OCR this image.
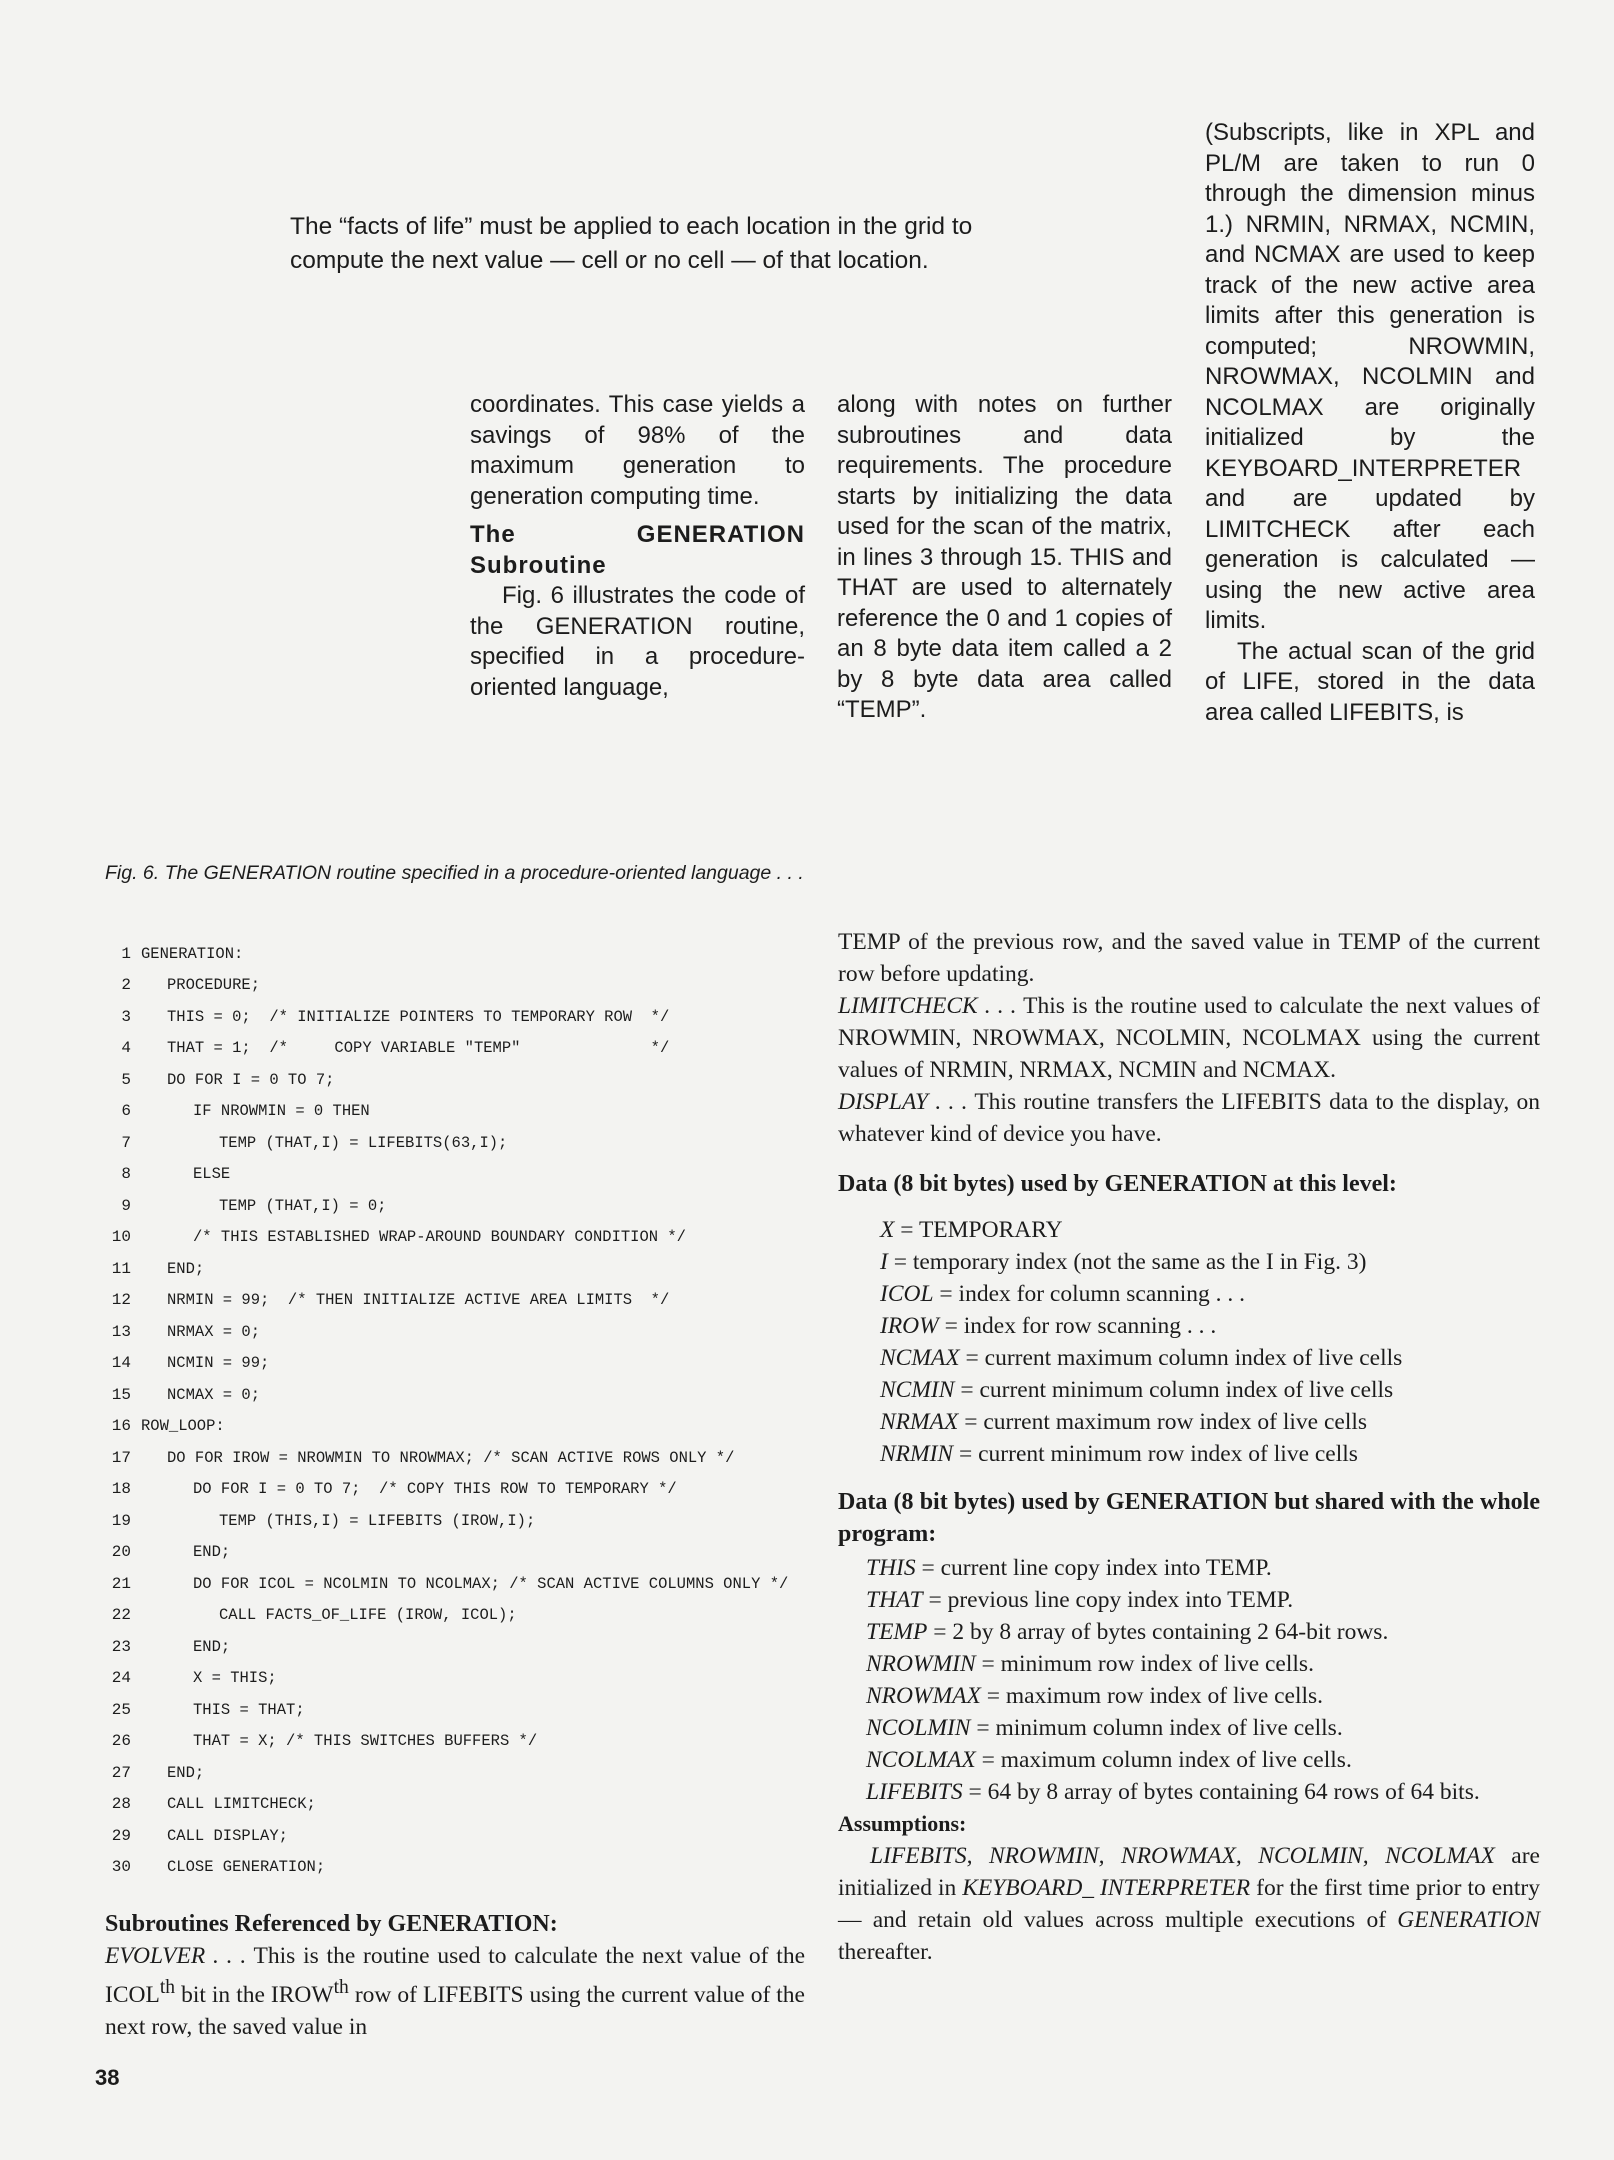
The “facts of life” must be applied to each location in the grid to compute the next value — cell or no cell — of that location.

(Subscripts, like in XPL and PL/M are taken to run 0 through the dimension minus 1.) NRMIN, NRMAX, NCMIN, and NCMAX are used to keep track of the new active area limits after this generation is computed; NROWMIN, NROWMAX, NCOLMIN and NCOLMAX are originally initialized by the KEYBOARD_INTERPRETER and are updated by LIMITCHECK after each generation is calculated — using the new active area limits.

The actual scan of the grid of LIFE, stored in the data area called LIFEBITS, is

coordinates. This case yields a savings of 98% of the maximum generation to generation computing time.

The GENERATION Subroutine

Fig. 6 illustrates the code of the GENERATION routine, specified in a procedure-oriented language,

along with notes on further subroutines and data requirements. The procedure starts by initializing the data used for the scan of the matrix, in lines 3 through 15. THIS and THAT are used to alternately reference the 0 and 1 copies of an 8 byte data item called a 2 by 8 byte data area called “TEMP”.

Fig. 6. The GENERATION routine specified in a procedure-oriented language . . .
1 GENERATION:
2	PROCEDURE;
3	THIS = 0;  /* INITIALIZE POINTERS TO TEMPORARY ROW  */
4	THAT = 1;  /*     COPY VARIABLE "TEMP"              */
5	DO FOR I = 0 TO 7;
6	IF NROWMIN = 0 THEN
7	TEMP (THAT,I) = LIFEBITS(63,I);
8	ELSE
9	TEMP (THAT,I) = 0;
10	/* THIS ESTABLISHED WRAP-AROUND BOUNDARY CONDITION */
11	END;
12	NRMIN = 99;  /* THEN INITIALIZE ACTIVE AREA LIMITS  */
13	NRMAX = 0;
14	NCMIN = 99;
15	NCMAX = 0;
16 ROW_LOOP:
17	DO FOR IROW = NROWMIN TO NROWMAX; /* SCAN ACTIVE ROWS ONLY */
18	DO FOR I = 0 TO 7;  /* COPY THIS ROW TO TEMPORARY */
19	TEMP (THIS,I) = LIFEBITS (IROW,I);
20	END;
21	DO FOR ICOL = NCOLMIN TO NCOLMAX; /* SCAN ACTIVE COLUMNS ONLY */
22	CALL FACTS_OF_LIFE (IROW, ICOL);
23	END;
24	X = THIS;
25	THIS = THAT;
26	THAT = X; /* THIS SWITCHES BUFFERS */
27	END;
28	CALL LIMITCHECK;
29	CALL DISPLAY;
30	CLOSE GENERATION;
Subroutines Referenced by GENERATION:

EVOLVER . . . This is the routine used to calculate the next value of the $ICOL^{th}$ bit in the $IROW^{th}$ row of LIFEBITS using the current value of the next row, the saved value in

TEMP of the previous row, and the saved value in TEMP of the current row before updating.

LIMITCHECK . . . This is the routine used to calculate the next values of NROWMIN, NROWMAX, NCOLMIN, NCOLMAX using the current values of NRMIN, NRMAX, NCMIN and NCMAX.

DISPLAY . . . This routine transfers the LIFEBITS data to the display, on whatever kind of device you have.

Data (8 bit bytes) used by GENERATION at this level:
X = TEMPORARY
I = temporary index (not the same as the I in Fig. 3)
ICOL = index for column scanning . . .
IROW = index for row scanning . . .
NCMAX = current maximum column index of live cells
NCMIN = current minimum column index of live cells
NRMAX = current maximum row index of live cells
NRMIN = current minimum row index of live cells
Data (8 bit bytes) used by GENERATION but shared with the whole program:
THIS = current line copy index into TEMP.
THAT = previous line copy index into TEMP.
TEMP = 2 by 8 array of bytes containing 2 64-bit rows.
NROWMIN = minimum row index of live cells.
NROWMAX = maximum row index of live cells.
NCOLMIN = minimum column index of live cells.
NCOLMAX = maximum column index of live cells.
LIFEBITS = 64 by 8 array of bytes containing 64 rows of 64 bits.
Assumptions:

LIFEBITS, NROWMIN, NROWMAX, NCOLMIN, NCOLMAX are initialized in KEYBOARD_ INTERPRETER for the first time prior to entry — and retain old values across multiple executions of GENERATION thereafter.

38
